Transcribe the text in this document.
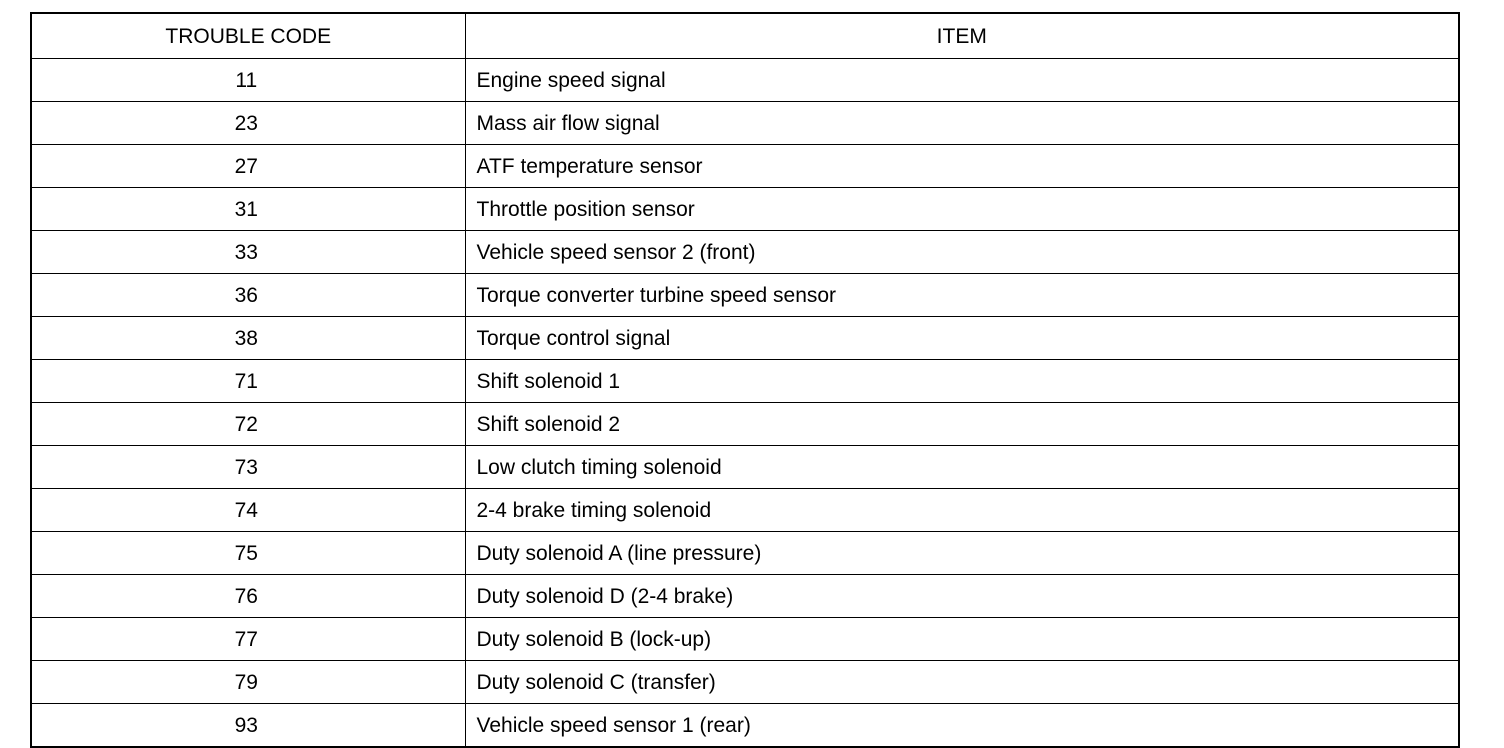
TROUBLE CODE	ITEM
11	Engine speed signal
23	Mass air flow signal
27	ATF temperature sensor
31	Throttle position sensor
33	Vehicle speed sensor 2 (front)
36	Torque converter turbine speed sensor
38	Torque control signal
71	Shift solenoid 1
72	Shift solenoid 2
73	Low clutch timing solenoid
74	2-4 brake timing solenoid
75	Duty solenoid A (line pressure)
76	Duty solenoid D (2-4 brake)
77	Duty solenoid B (lock-up)
79	Duty solenoid C (transfer)
93	Vehicle speed sensor 1 (rear)
